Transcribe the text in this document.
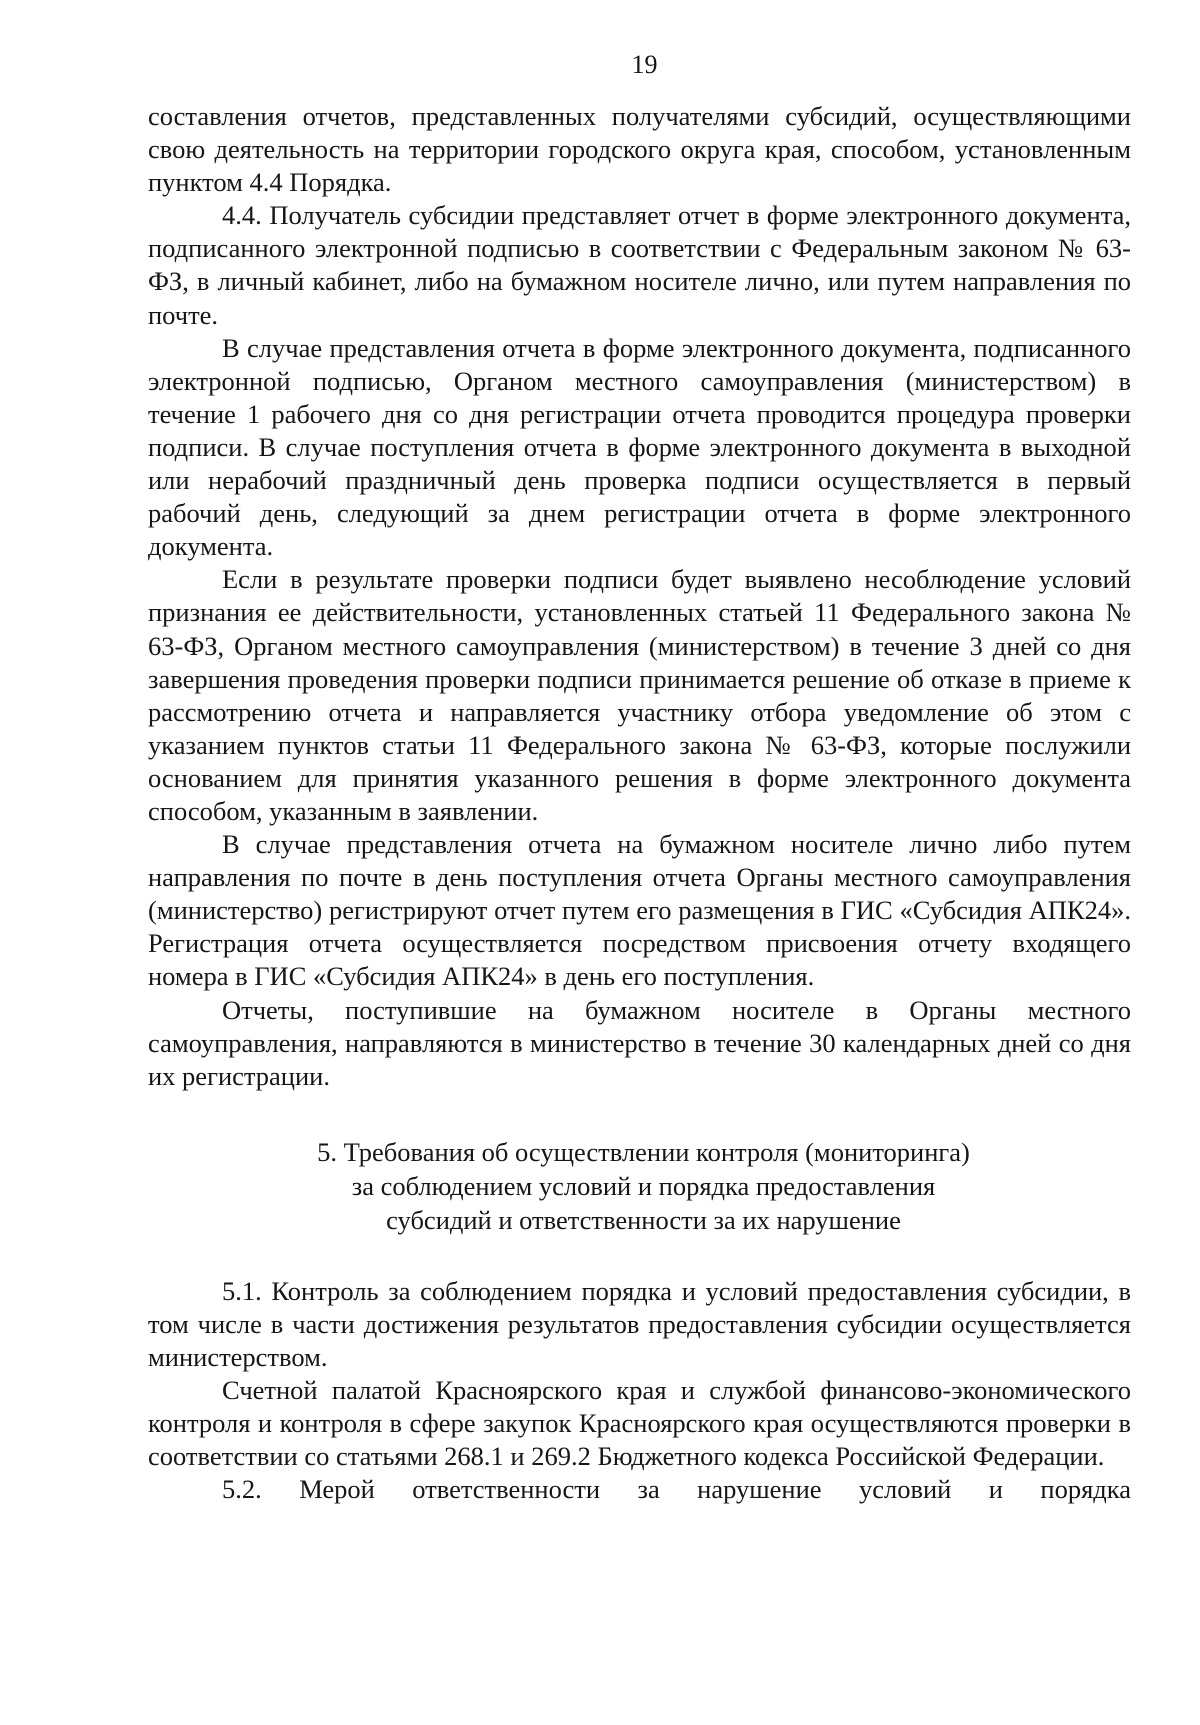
19

составления отчетов, представленных получателями субсидий, осуществляющими свою деятельность на территории городского округа края, способом, установленным пунктом 4.4 Порядка.

4.4. Получатель субсидии представляет отчет в форме электронного документа, подписанного электронной подписью в соответствии с Федеральным законом № 63-ФЗ, в личный кабинет, либо на бумажном носителе лично, или путем направления по почте.

В случае представления отчета в форме электронного документа, подписанного электронной подписью, Органом местного самоуправления (министерством) в течение 1 рабочего дня со дня регистрации отчета проводится процедура проверки подписи. В случае поступления отчета в форме электронного документа в выходной или нерабочий праздничный день проверка подписи осуществляется в первый рабочий день, следующий за днем регистрации отчета в форме электронного документа.

Если в результате проверки подписи будет выявлено несоблюдение условий признания ее действительности, установленных статьей 11 Федерального закона № 63-ФЗ, Органом местного самоуправления (министерством) в течение 3 дней со дня завершения проведения проверки подписи принимается решение об отказе в приеме к рассмотрению отчета и направляется участнику отбора уведомление об этом с указанием пунктов статьи 11 Федерального закона № 63-ФЗ, которые послужили основанием для принятия указанного решения в форме электронного документа способом, указанным в заявлении.

В случае представления отчета на бумажном носителе лично либо путем направления по почте в день поступления отчета Органы местного самоуправления (министерство) регистрируют отчет путем его размещения в ГИС «Субсидия АПК24». Регистрация отчета осуществляется посредством присвоения отчету входящего номера в ГИС «Субсидия АПК24» в день его поступления.

Отчеты, поступившие на бумажном носителе в Органы местного самоуправления, направляются в министерство в течение 30 календарных дней со дня их регистрации.

5. Требования об осуществлении контроля (мониторинга)
за соблюдением условий и порядка предоставления
субсидий и ответственности за их нарушение

5.1. Контроль за соблюдением порядка и условий предоставления субсидии, в том числе в части достижения результатов предоставления субсидии осуществляется министерством.

Счетной палатой Красноярского края и службой финансово-экономического контроля и контроля в сфере закупок Красноярского края осуществляются проверки в соответствии со статьями 268.1 и 269.2 Бюджетного кодекса Российской Федерации.

5.2. Мерой ответственности за нарушение условий и порядка
